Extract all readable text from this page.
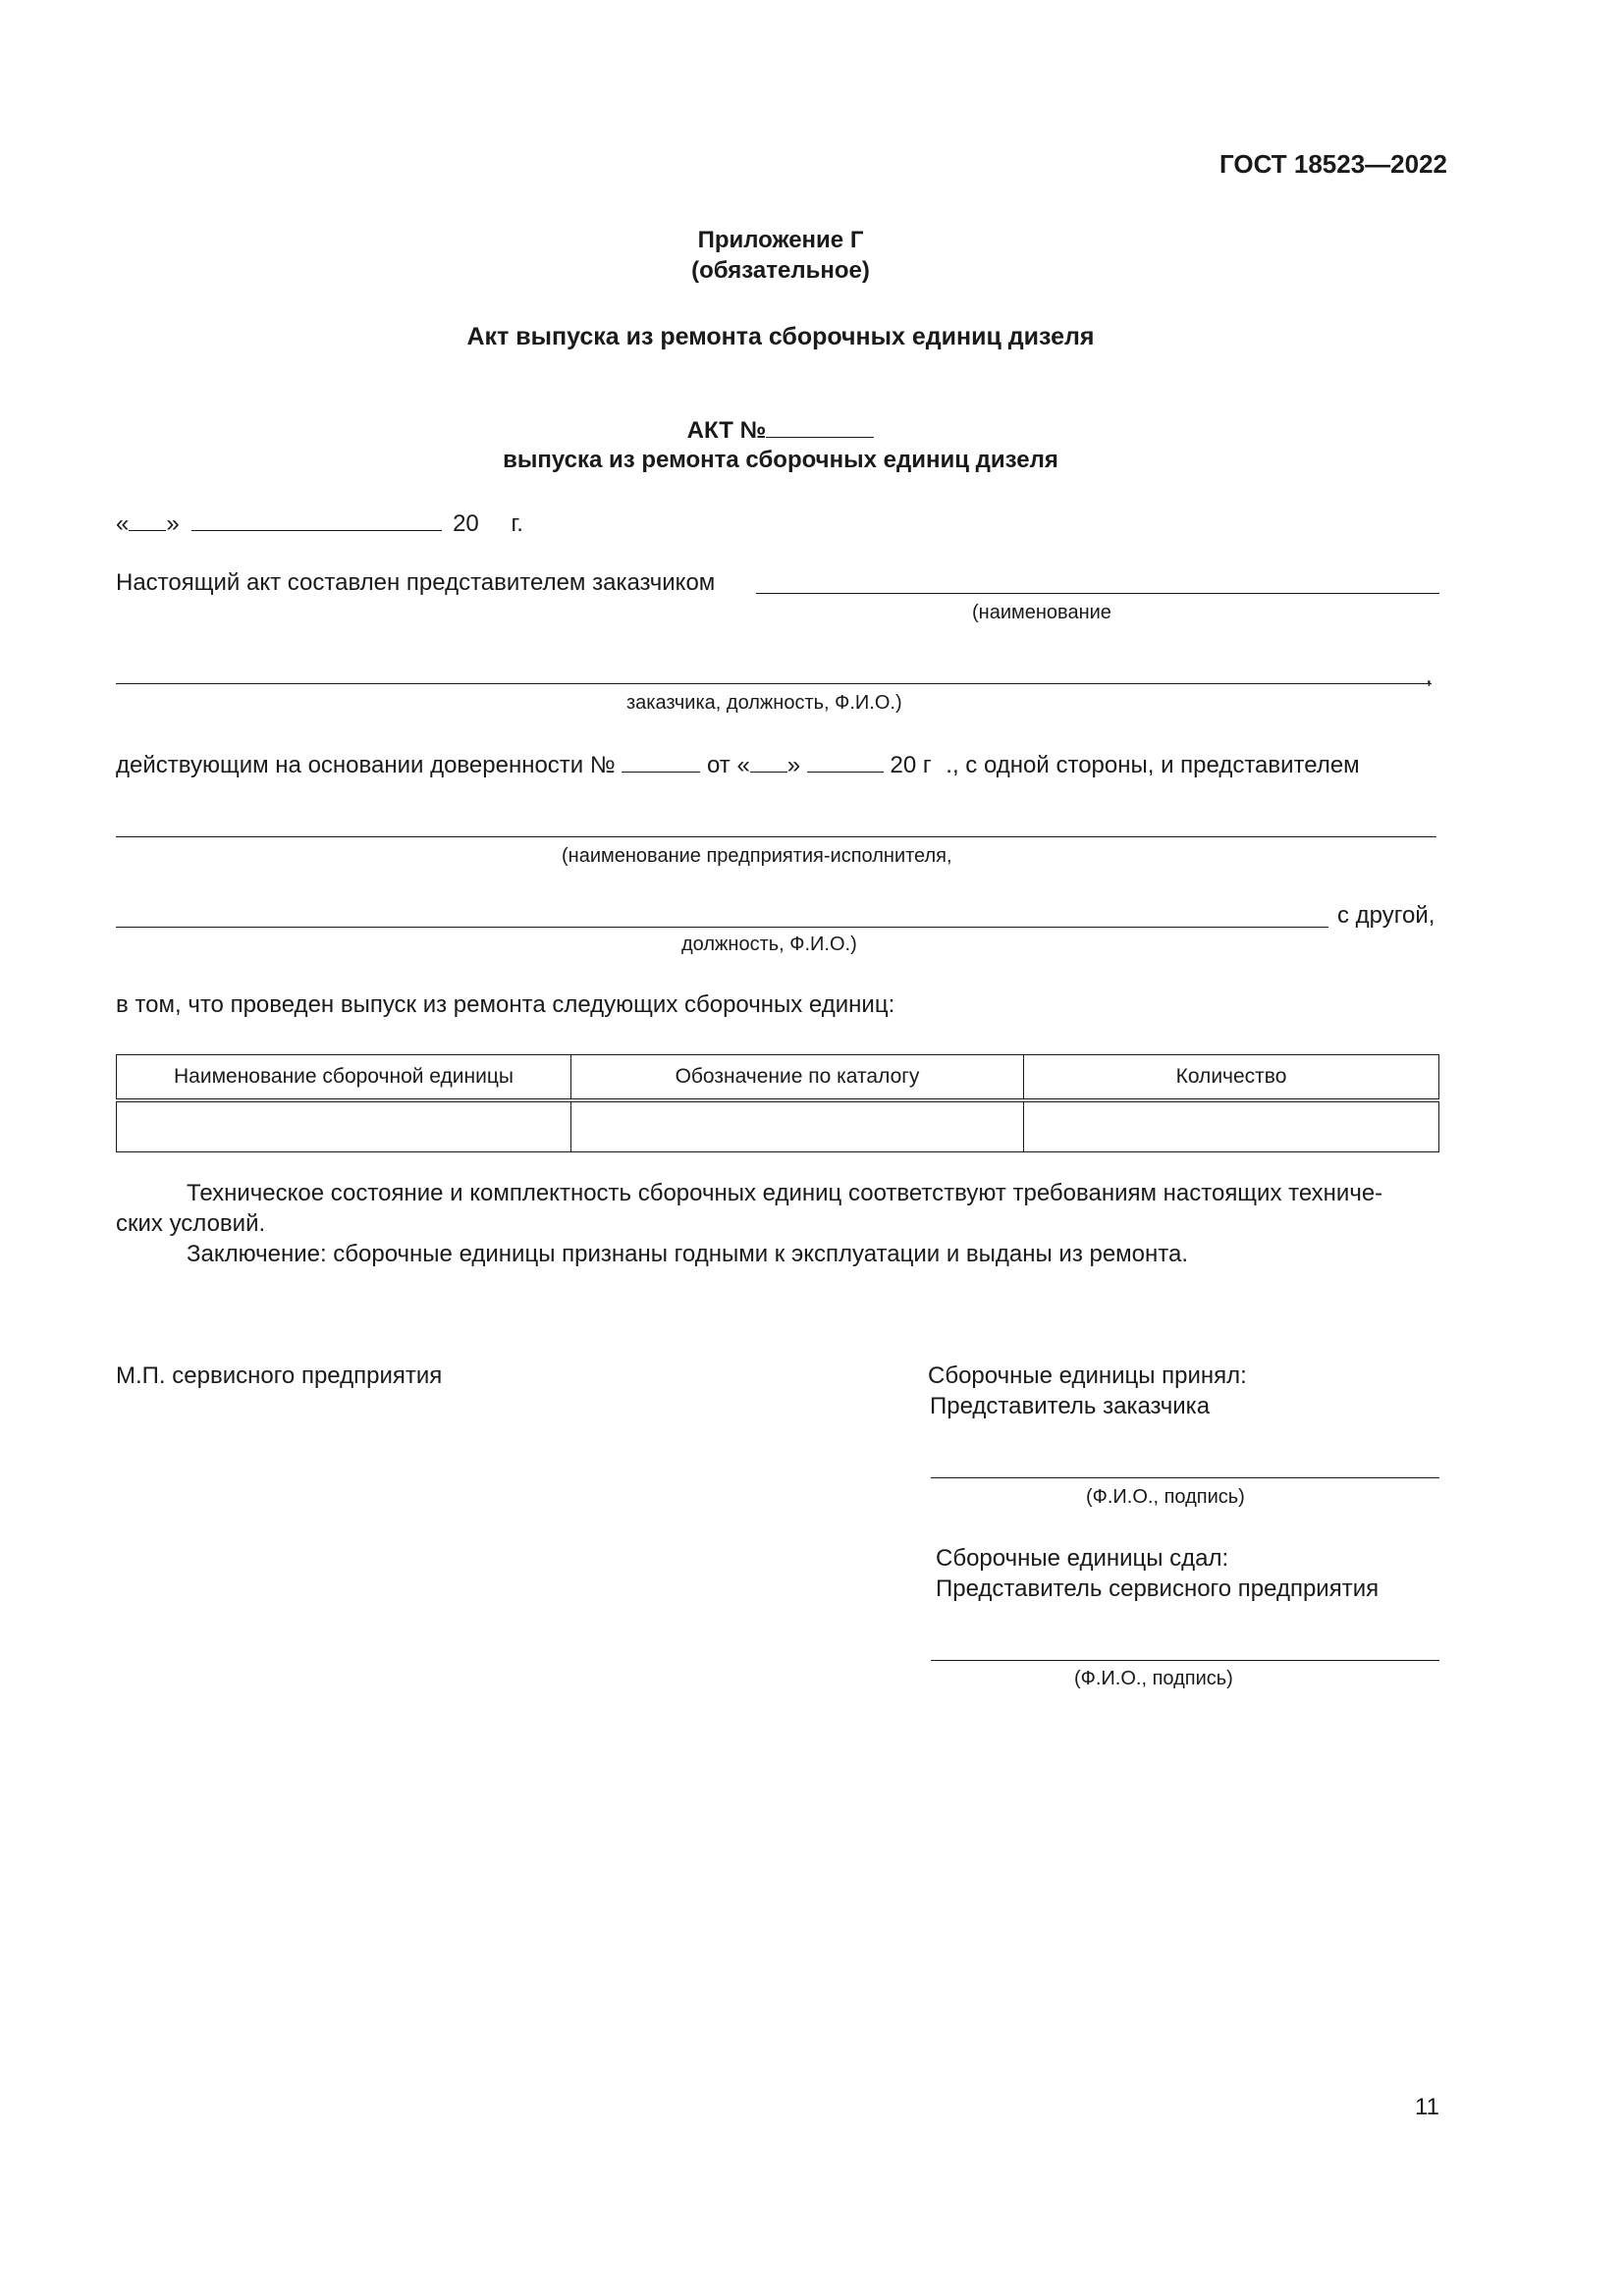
ГОСТ 18523—2022
Приложение Г
(обязательное)
Акт выпуска из ремонта сборочных единиц дизеля
АКТ №
выпуска из ремонта сборочных единиц дизеля
« »	20 г.
Настоящий акт составлен представителем заказчиком
(наименование
,
заказчика, должность, Ф.И.О.)
действующим на основании доверенности №	от « »	20 г ., с одной стороны, и представителем
(наименование предприятия-исполнителя,
с другой,
должность, Ф.И.О.)
в том, что проведен выпуск из ремонта следующих сборочных единиц:
Наименование сборочной единицы	Обозначение по каталогу	Количество

Техническое состояние и комплектность сборочных единиц соответствуют требованиям настоящих техниче-
ских условий.
Заключение: сборочные единицы признаны годными к эксплуатации и выданы из ремонта.
М.П. сервисного предприятия	Сборочные единицы принял:
Представитель заказчика
(Ф.И.О., подпись)
Сборочные единицы сдал:
Представитель сервисного предприятия
(Ф.И.О., подпись)
11
